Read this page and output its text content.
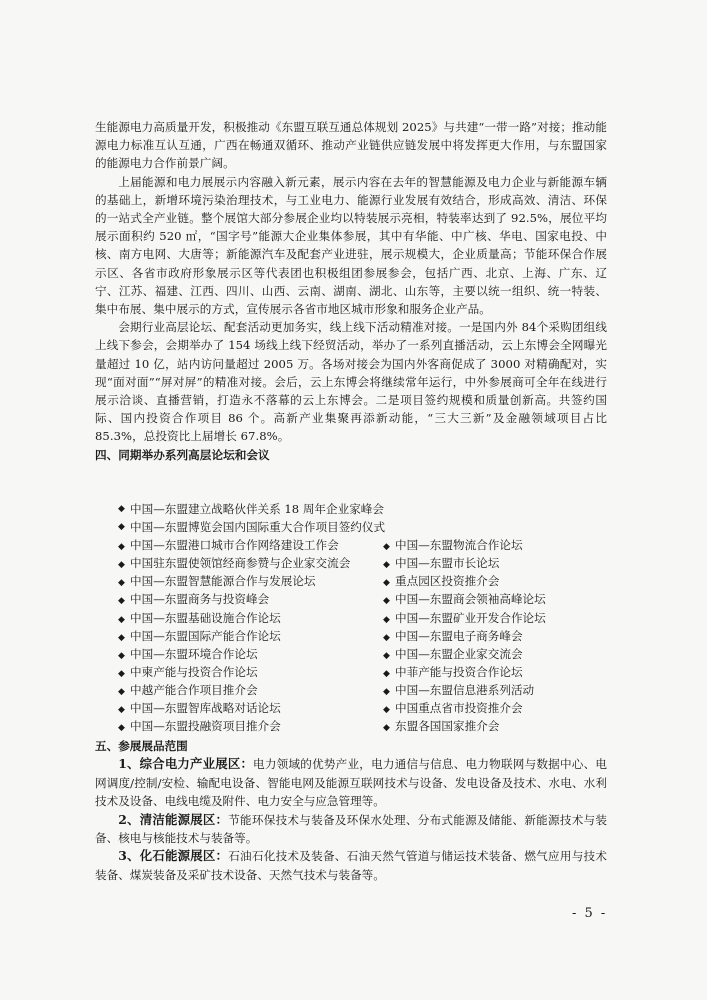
生能源电力高质量开发，积极推动《东盟互联互通总体规划 2025》与共建“一带一路”对接；推动能源电力标准互认互通，广西在畅通双循环、推动产业链供应链发展中将发挥更大作用，与东盟国家的能源电力合作前景广阔。

上届能源和电力展展示内容融入新元素，展示内容在去年的智慧能源及电力企业与新能源车辆的基础上，新增环境污染治理技术，与工业电力、能源行业发展有效结合，形成高效、清洁、环保的一站式全产业链。整个展馆大部分参展企业均以特装展示亮相，特装率达到了 92.5%，展位平均展示面积约 520 ㎡，“国字号”能源大企业集体参展，其中有华能、中广核、华电、国家电投、中核、南方电网、大唐等；新能源汽车及配套产业进驻，展示规模大，企业质量高；节能环保合作展示区、各省市政府形象展示区等代表团也积极组团参展参会，包括广西、北京、上海、广东、辽宁、江苏、福建、江西、四川、山西、云南、湖南、湖北、山东等，主要以统一组织、统一特装、集中布展、集中展示的方式，宣传展示各省市地区城市形象和服务企业产品。

会期行业高层论坛、配套活动更加务实，线上线下活动精准对接。一是国内外 84个采购团组线上线下参会，会期举办了 154 场线上线下经贸活动，举办了一系列直播活动，云上东博会全网曝光量超过 10 亿，站内访问量超过 2005 万。各场对接会为国内外客商促成了 3000 对精确配对，实现“面对面”“屏对屏”的精准对接。会后，云上东博会将继续常年运行，中外参展商可全年在线进行展示洽谈、直播营销，打造永不落幕的云上东博会。二是项目签约规模和质量创新高。共签约国际、国内投资合作项目 86 个。高新产业集聚再添新动能，“三大三新”及金融领域项目占比 85.3%，总投资比上届增长 67.8%。

四、同期举办系列高层论坛和会议

◆ 中国—东盟建立战略伙伴关系 18 周年企业家峰会
◆ 中国—东盟博览会国内国际重大合作项目签约仪式
◆ 中国—东盟港口城市合作网络建设工作会	◆ 中国—东盟物流合作论坛
◆ 中国驻东盟使领馆经商参赞与企业家交流会	◆ 中国—东盟市长论坛
◆ 中国—东盟智慧能源合作与发展论坛	◆ 重点园区投资推介会
◆ 中国—东盟商务与投资峰会	◆ 中国—东盟商会领袖高峰论坛
◆ 中国—东盟基础设施合作论坛	◆ 中国—东盟矿业开发合作论坛
◆ 中国—东盟国际产能合作论坛	◆ 中国—东盟电子商务峰会
◆ 中国—东盟环境合作论坛	◆ 中国—东盟企业家交流会
◆ 中柬产能与投资合作论坛	◆ 中菲产能与投资合作论坛
◆ 中越产能合作项目推介会	◆ 中国—东盟信息港系列活动
◆ 中国—东盟智库战略对话论坛	◆ 中国重点省市投资推介会
◆ 中国—东盟投融资项目推介会	◆ 东盟各国国家推介会

五、参展展品范围

1、综合电力产业展区：电力领域的优势产业，电力通信与信息、电力物联网与数据中心、电网调度/控制/安检、输配电设备、智能电网及能源互联网技术与设备、发电设备及技术、水电、水利技术及设备、电线电缆及附件、电力安全与应急管理等。

2、清洁能源展区：节能环保技术与装备及环保水处理、分布式能源及储能、新能源技术与装备、核电与核能技术与装备等。

3、化石能源展区：石油石化技术及装备、石油天然气管道与储运技术装备、燃气应用与技术装备、煤炭装备及采矿技术设备、天然气技术与装备等。

- 5 -
